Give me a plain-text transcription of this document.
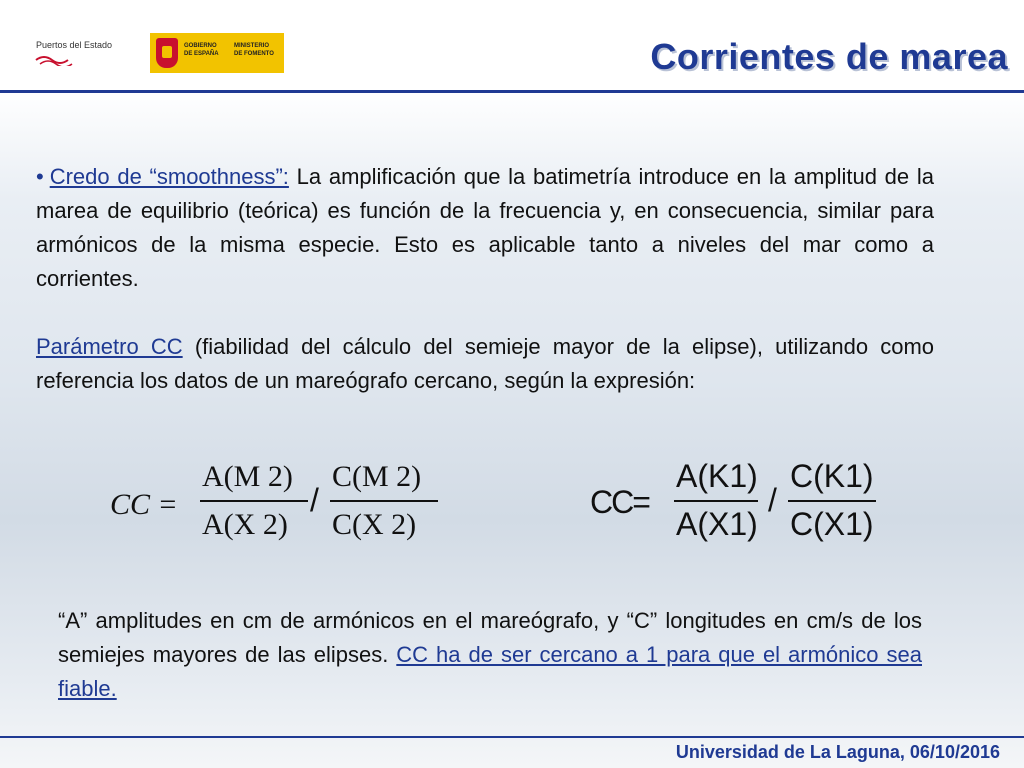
Puertos del Estado	GOBIERNO
DE ESPAÑA
MINISTERIO
DE FOMENTO	Corrientes de marea
• Credo de “smoothness”: La amplificación que la batimetría introduce en la amplitud de la marea de equilibrio (teórica) es función de la frecuencia y, en consecuencia, similar para armónicos de la misma especie. Esto es aplicable tanto a niveles del mar como a corrientes.
Parámetro CC (fiabilidad del cálculo del semieje mayor de la elipse), utilizando como referencia los datos de un mareógrafo cercano, según la expresión:
CC =
A(M 2)
A(X 2)
/
C(M 2)
C(X 2)
CC=
A(K1)
A(X1)
/
C(K1)
C(X1)
“A” amplitudes en cm de armónicos en el mareógrafo, y “C” longitudes en cm/s de los semiejes mayores de las elipses. CC ha de ser cercano a 1 para que el armónico sea fiable.
Universidad de La Laguna, 06/10/2016
